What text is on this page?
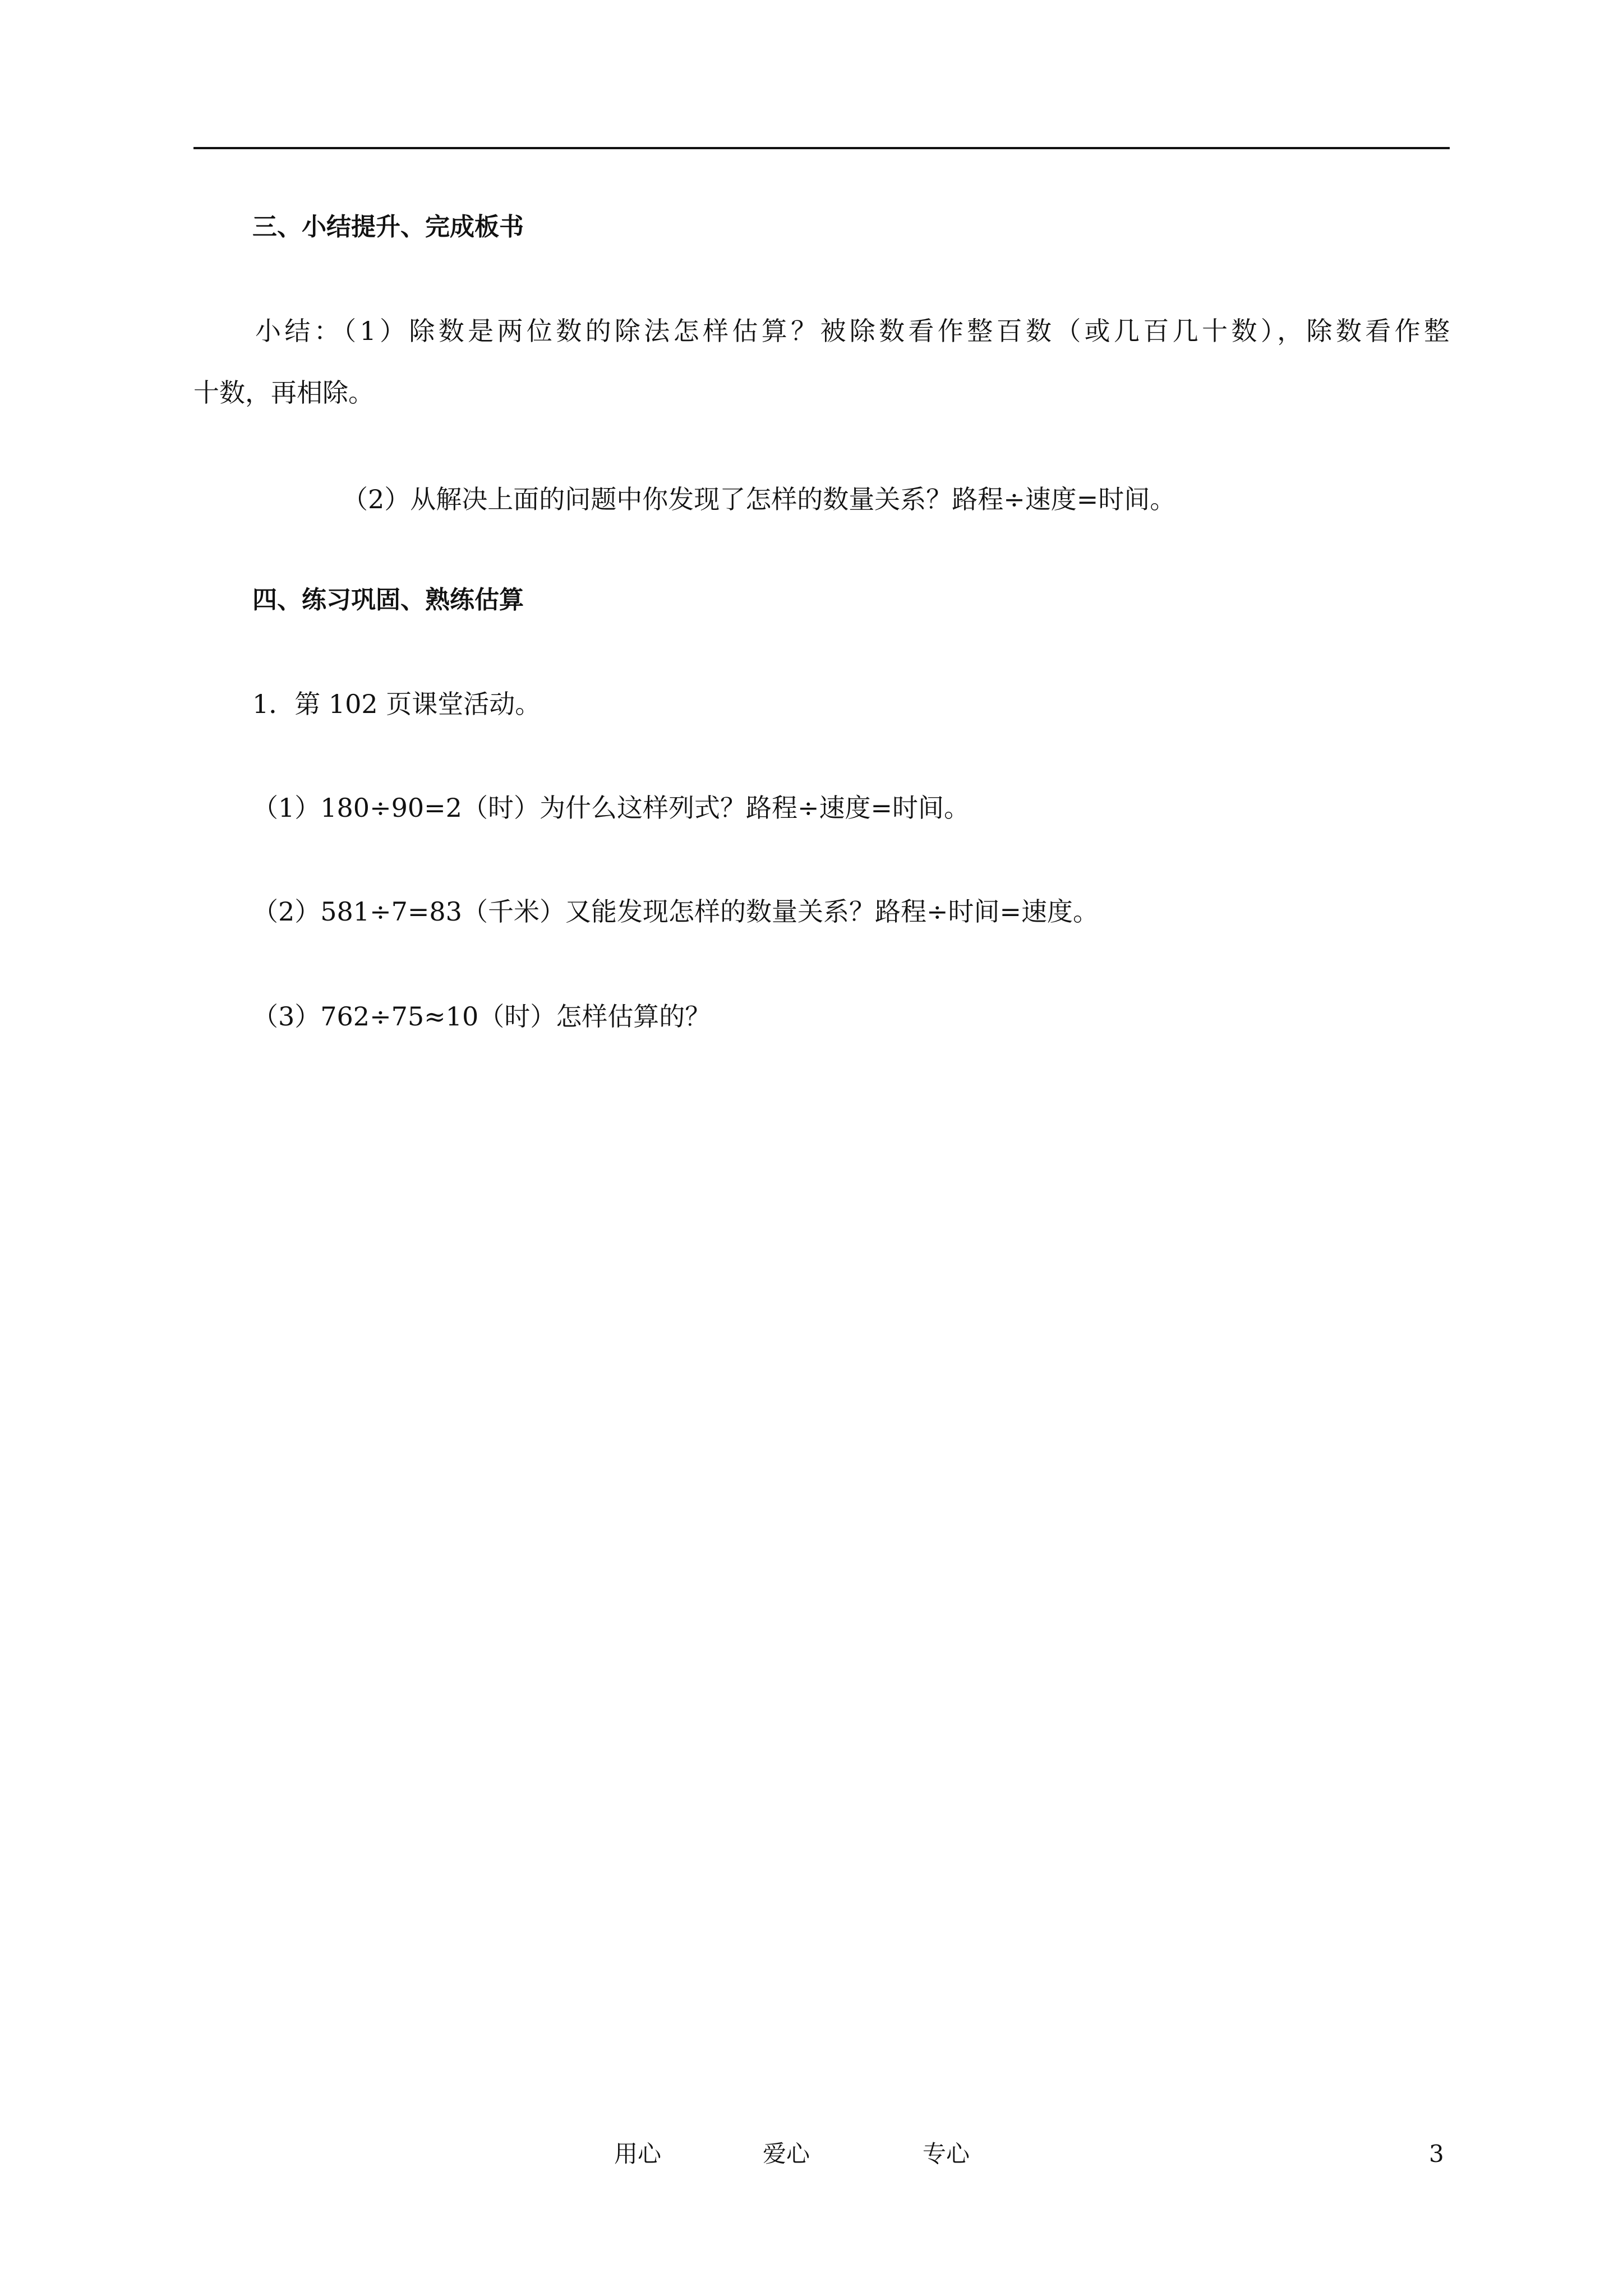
三、小结提升、完成板书

小结：（1）除数是两位数的除法怎样估算？被除数看作整百数（或几百几十数），除数看作整
十数，再相除。

（2）从解决上面的问题中你发现了怎样的数量关系？路程÷速度=时间。

四、练习巩固、熟练估算

1．第 102 页课堂活动。

（1）180÷90=2（时）为什么这样列式？路程÷速度=时间。

（2）581÷7=83（千米）又能发现怎样的数量关系？路程÷时间=速度。

（3）762÷75≈10（时）怎样估算的？

用心	爱心	专心	3
